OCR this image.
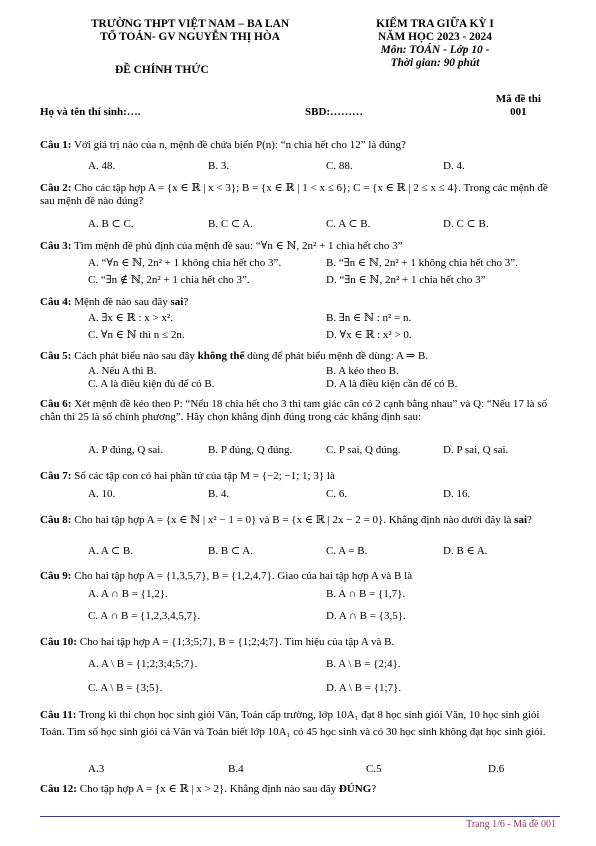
TRƯỜNG THPT VIỆT NAM – BA LAN
TỔ TOÁN- GV NGUYỄN THỊ HÒA
KIỂM TRA GIỮA KỲ I
NĂM HỌC 2023 - 2024
Môn: TOÁN - Lớp 10 -
Thời gian: 90 phút
ĐỀ CHÍNH THỨC
Mã đề thi
001
Họ và tên thí sinh:….	SBD:………
Câu 1: Với giá trị nào của n, mệnh đề chứa biến P(n): “n chia hết cho 12” là đúng?
A. 48.	B. 3.	C. 88.	D. 4.
Câu 2: Cho các tập hợp A = {x ∈ ℝ | x < 3}; B = {x ∈ ℝ | 1 < x ≤ 6}; C = {x ∈ ℝ | 2 ≤ x ≤ 4}. Trong các mệnh đề sau mệnh đề nào đúng?
A. B ⊂ C.	B. C ⊂ A.	C. A ⊂ B.	D. C ⊂ B.
Câu 3: Tìm mệnh đề phủ định của mệnh đề sau: “∀n ∈ ℕ, 2n² + 1 chia hết cho 3”
A. “∀n ∈ ℕ, 2n² + 1 không chia hết cho 3”.	B. “∃n ∈ ℕ, 2n² + 1 không chia hết cho 3”.
C. “∃n ∉ ℕ, 2n² + 1 chia hết cho 3”.	D. “∃n ∈ ℕ, 2n² + 1 chia hết cho 3”
Câu 4: Mệnh đề nào sau đây sai?
A. ∃x ∈ ℝ : x > x².	B. ∃n ∈ ℕ : n² = n.
C. ∀n ∈ ℕ thì n ≤ 2n.	D. ∀x ∈ ℝ : x² > 0.
Câu 5: Cách phát biểu nào sau đây không thể dùng để phát biểu mệnh đề dùng: A ⇒ B.
A. Nếu A thì B.	B. A kéo theo B.
C. A là điều kiện đủ để có B.	D. A là điều kiện cần để có B.
Câu 6: Xét mệnh đề kéo theo P: “Nếu 18 chia hết cho 3 thì tam giác cân có 2 cạnh bằng nhau” và Q: “Nếu 17 là số chẵn thì 25 là số chính phương”. Hãy chọn khẳng định đúng trong các khẳng định sau:
A. P đúng, Q sai.	B. P đúng, Q đúng.	C. P sai, Q đúng.	D. P sai, Q sai.
Câu 7: Số các tập con có hai phần tử của tập M = {−2; −1; 1; 3} là
A. 10.	B. 4.	C. 6.	D. 16.
Câu 8: Cho hai tập hợp A = {x ∈ ℕ | x² − 1 = 0} và B = {x ∈ ℝ | 2x − 2 = 0}. Khẳng định nào dưới đây là sai?
A. A ⊂ B.	B. B ⊂ A.	C. A = B.	D. B ∈ A.
Câu 9: Cho hai tập hợp A = {1,3,5,7}, B = {1,2,4,7}. Giao của hai tập hợp A và B là
A. A ∩ B = {1,2}.	B. A ∩ B = {1,7}.
C. A ∩ B = {1,2,3,4,5,7}.	D. A ∩ B = {3,5}.
Câu 10: Cho hai tập hợp A = {1;3;5;7}, B = {1;2;4;7}. Tìm hiệu của tập A và B.
A. A \ B = {1;2;3;4;5;7}.	B. A \ B = {2;4}.
C. A \ B = {3;5}.	D. A \ B = {1;7}.
Câu 11: Trong kì thi chọn học sinh giỏi Văn, Toán cấp trường, lớp 10A₁ đạt 8 học sinh giỏi Văn, 10 học sinh giỏi Toán. Tìm số học sinh giỏi cả Văn và Toán biết lớp 10A₁ có 45 học sinh và có 30 học sinh không đạt học sinh giỏi.
A.3	B.4	C.5	D.6
Câu 12: Cho tập hợp A = {x ∈ ℝ | x > 2}. Khẳng định nào sau đây ĐÚNG?
Trang 1/6 - Mã đề 001
